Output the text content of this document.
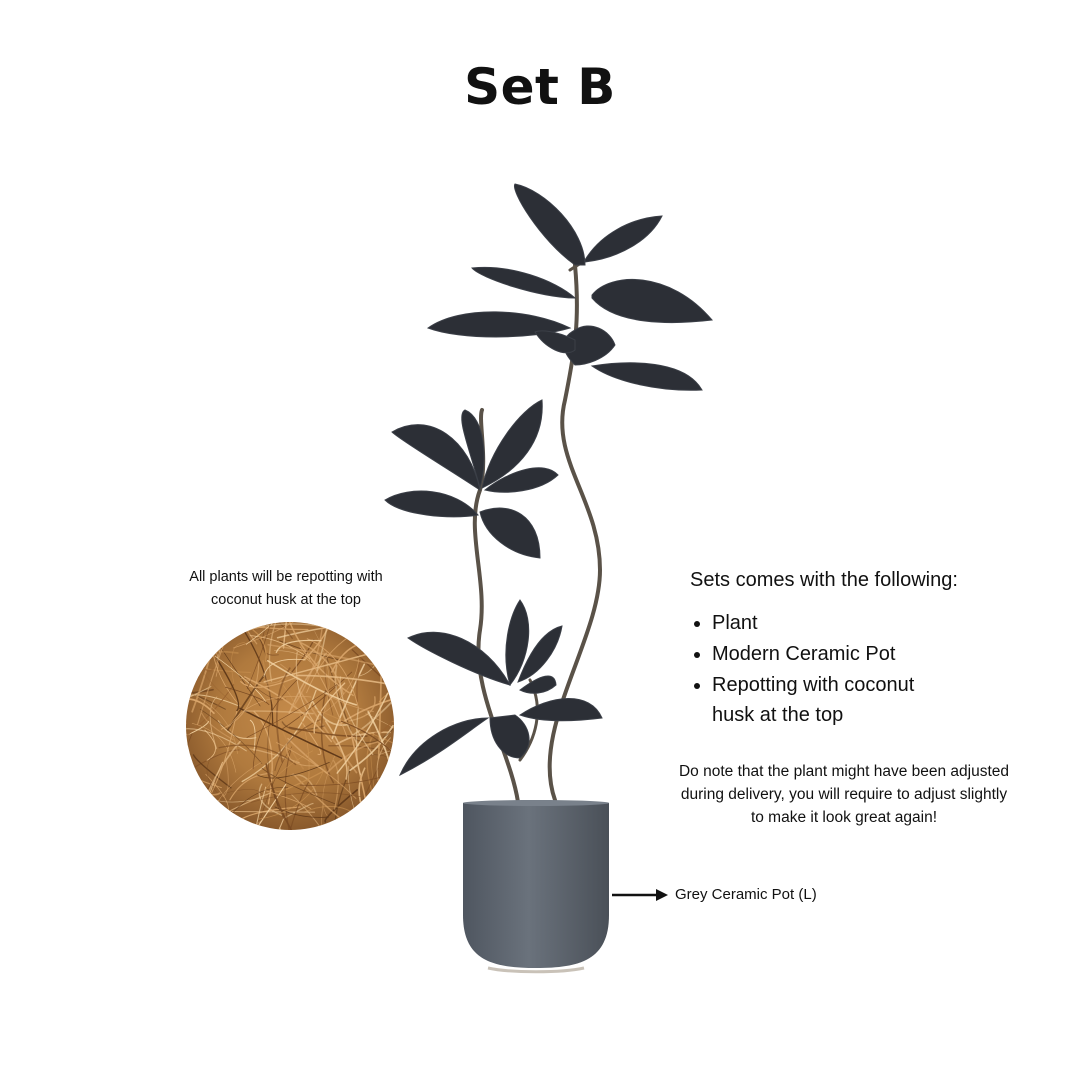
Set B
All plants will be repotting with
coconut husk at the top
Sets comes with the following:
• Plant
• Modern Ceramic Pot
• Repotting with coconut husk at the top
Do note that the plant might have been adjusted during delivery, you will require to adjust slightly to make it look great again!
Grey Ceramic Pot (L)
